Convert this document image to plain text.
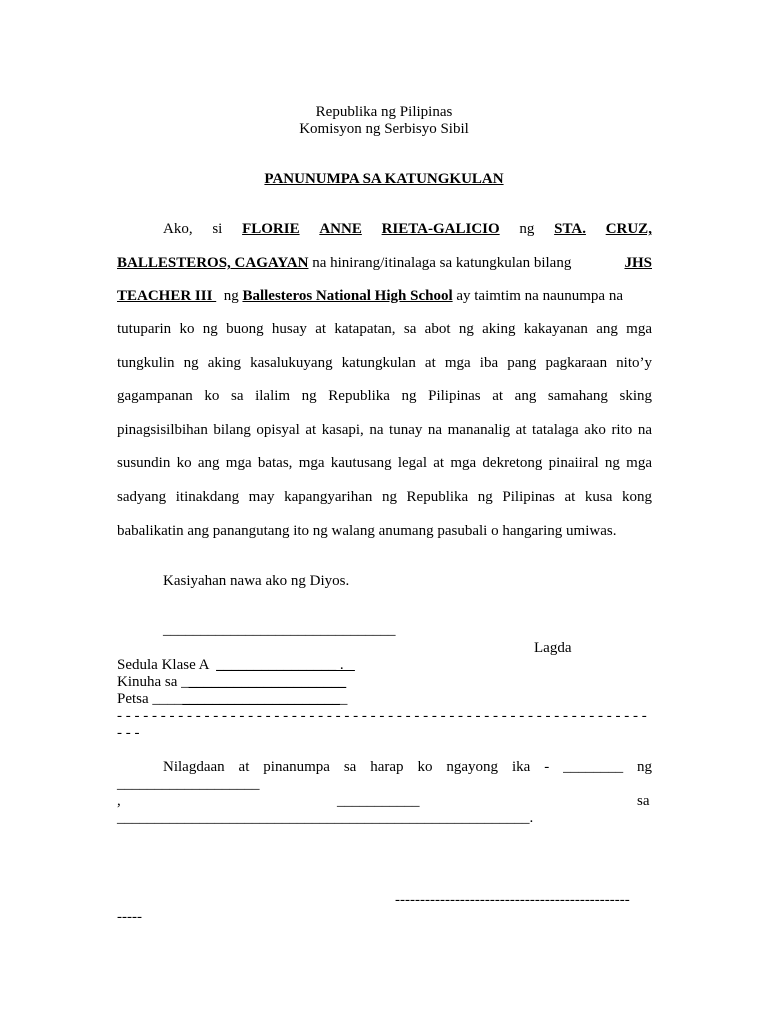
Republika ng Pilipinas
Komisyon ng Serbisyo Sibil
PANUNUMPA SA KATUNGKULAN
Ako, si FLORIE ANNE RIETA-GALICIO ng STA. CRUZ,
BALLESTEROS, CAGAYAN na hinirang/itinalaga sa katungkulan bilang	JHS
TEACHER III   ng Ballesteros National High School ay taimtim na naunumpa na
tutuparin ko ng buong husay at katapatan, sa abot ng aking kakayanan ang mga
tungkulin ng aking kasalukuyang katungkulan at mga iba pang pagkaraan nito’y
gagampanan ko sa ilalim ng Republika ng Pilipinas at ang samahang sking
pinagsisilbihan bilang opisyal at kasapi, na tunay na mananalig at tatalaga ako rito na
susundin ko ang mga batas, mga kautusang legal at mga dekretong pinaiiral ng mga
sadyang itinakdang may kapangyarihan ng Republika ng Pilipinas at kusa kong
babalikatin ang panangutang ito ng walang anumang pasubali o hangaring umiwas.
Kasiyahan nawa ako ng Diyos.
_______________________________
Lagda
Sedula Klase A  ________________ .
Kinuha sa ______________________
Petsa __________________________
- - - - - - - - - - - - - - - - - - - - - - - - - - - - - - - - - - - - - - - - - - - - - - - - - - - - - - - - - - - - -
- - -
Nilagdaan at pinanumpa sa harap ko ngayong ika - ________ ng
___________________
,	___________	sa
_______________________________________________________.
-----------------------------------------------
-----
